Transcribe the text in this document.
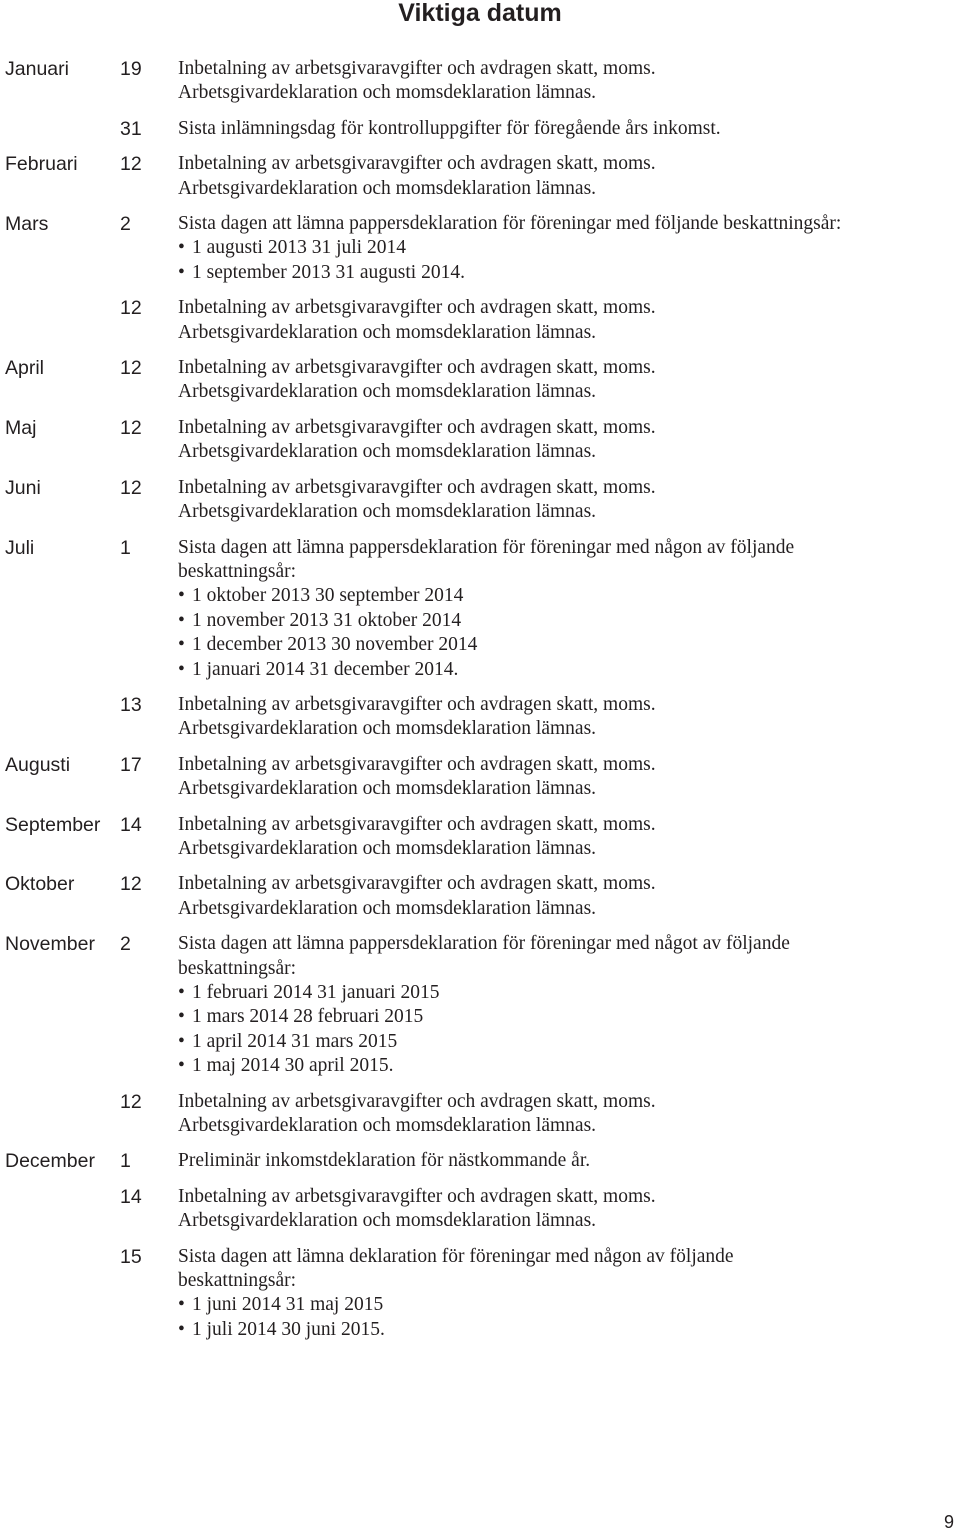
Viktiga datum
Januari	19	Inbetalning av arbetsgivaravgifter och avdragen skatt, moms.
Arbetsgivardeklaration och momsdeklaration lämnas.
31	Sista inlämningsdag för kontrolluppgifter för föregående års inkomst.
Februari	12	Inbetalning av arbetsgivaravgifter och avdragen skatt, moms.
Arbetsgivardeklaration och momsdeklaration lämnas.
Mars	2	Sista dagen att lämna pappersdeklaration för föreningar med följande beskattningsår:
• 1 augusti 2013 31 juli 2014
• 1 september 2013 31 augusti 2014.
12	Inbetalning av arbetsgivaravgifter och avdragen skatt, moms.
Arbetsgivardeklaration och momsdeklaration lämnas.
April	12	Inbetalning av arbetsgivaravgifter och avdragen skatt, moms.
Arbetsgivardeklaration och momsdeklaration lämnas.
Maj	12	Inbetalning av arbetsgivaravgifter och avdragen skatt, moms.
Arbetsgivardeklaration och momsdeklaration lämnas.
Juni	12	Inbetalning av arbetsgivaravgifter och avdragen skatt, moms.
Arbetsgivardeklaration och momsdeklaration lämnas.
Juli	1	Sista dagen att lämna pappersdeklaration för föreningar med någon av följande
beskattningsår:
• 1 oktober 2013 30 september 2014
• 1 november 2013 31 oktober 2014
• 1 december 2013 30 november 2014
• 1 januari 2014 31 december 2014.
13	Inbetalning av arbetsgivaravgifter och avdragen skatt, moms.
Arbetsgivardeklaration och momsdeklaration lämnas.
Augusti	17	Inbetalning av arbetsgivaravgifter och avdragen skatt, moms.
Arbetsgivardeklaration och momsdeklaration lämnas.
September	14	Inbetalning av arbetsgivaravgifter och avdragen skatt, moms.
Arbetsgivardeklaration och momsdeklaration lämnas.
Oktober	12	Inbetalning av arbetsgivaravgifter och avdragen skatt, moms.
Arbetsgivardeklaration och momsdeklaration lämnas.
November	2	Sista dagen att lämna pappersdeklaration för föreningar med något av följande
beskattningsår:
• 1 februari 2014 31 januari 2015
• 1 mars 2014 28 februari 2015
• 1 april 2014 31 mars 2015
• 1 maj 2014 30 april 2015.
12	Inbetalning av arbetsgivaravgifter och avdragen skatt, moms.
Arbetsgivardeklaration och momsdeklaration lämnas.
December	1	Preliminär inkomstdeklaration för nästkommande år.
14	Inbetalning av arbetsgivaravgifter och avdragen skatt, moms.
Arbetsgivardeklaration och momsdeklaration lämnas.
15	Sista dagen att lämna deklaration för föreningar med någon av följande
beskattningsår:
• 1 juni 2014 31 maj 2015
• 1 juli 2014 30 juni 2015.
9
